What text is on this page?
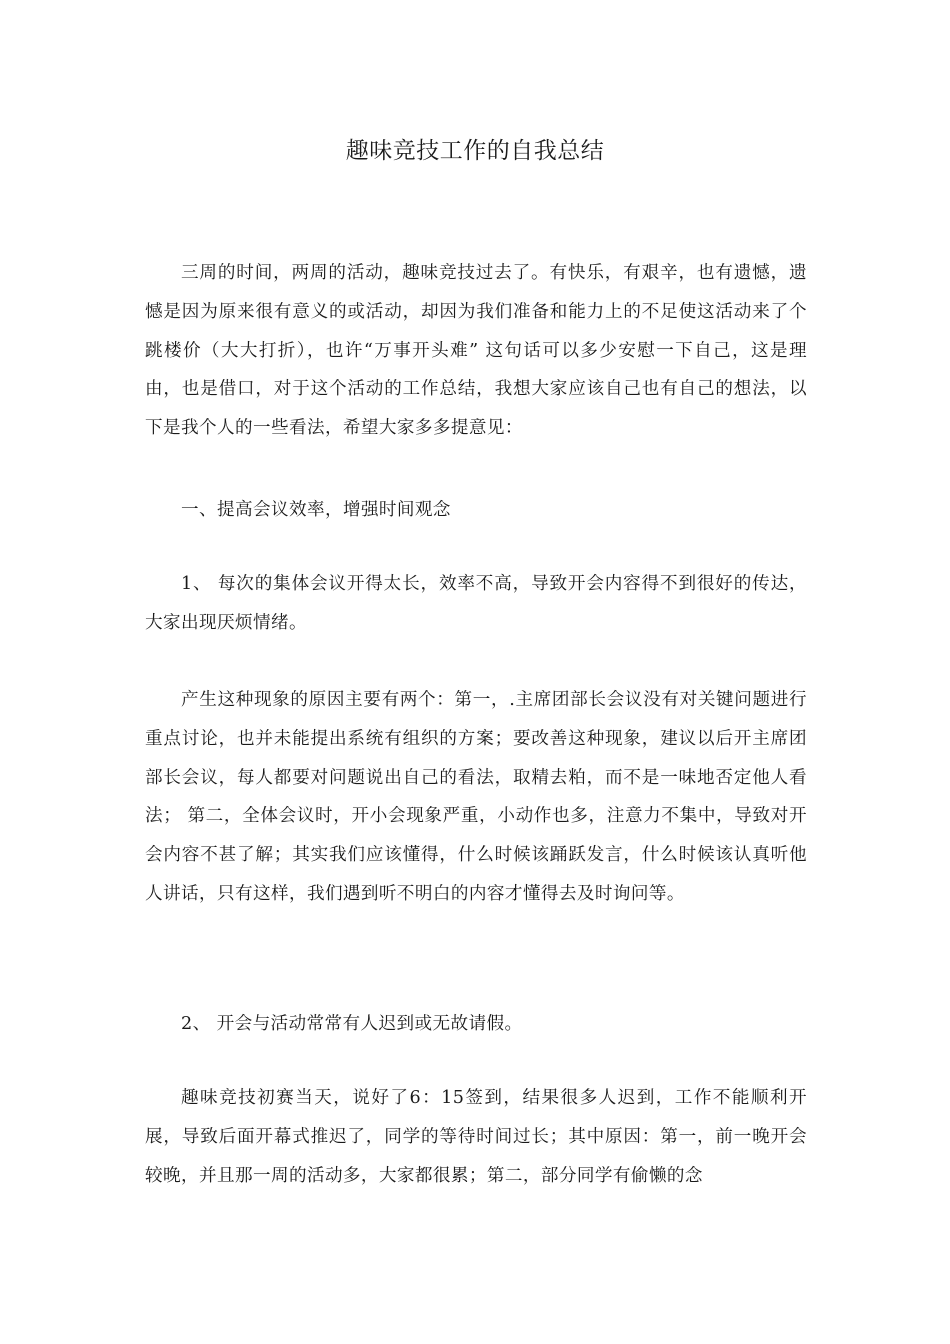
趣味竞技工作的自我总结

三周的时间，两周的活动，趣味竞技过去了。有快乐，有艰辛，也有遗憾，遗憾是因为原来很有意义的或活动，却因为我们准备和能力上的不足使这活动来了个跳楼价（大大打折），也许“万事开头难” 这句话可以多少安慰一下自己，这是理由，也是借口，对于这个活动的工作总结，我想大家应该自己也有自己的想法，以下是我个人的一些看法，希望大家多多提意见：

一、提高会议效率，增强时间观念

1、 每次的集体会议开得太长，效率不高，导致开会内容得不到很好的传达，大家出现厌烦情绪。

产生这种现象的原因主要有两个：第一，.主席团部长会议没有对关键问题进行重点讨论，也并未能提出系统有组织的方案；要改善这种现象，建议以后开主席团部长会议，每人都要对问题说出自己的看法，取精去粕，而不是一味地否定他人看法； 第二，全体会议时，开小会现象严重，小动作也多，注意力不集中，导致对开会内容不甚了解；其实我们应该懂得，什么时候该踊跃发言，什么时候该认真听他人讲话，只有这样，我们遇到听不明白的内容才懂得去及时询问等。

2、 开会与活动常常有人迟到或无故请假。

趣味竞技初赛当天，说好了6：15签到，结果很多人迟到，工作不能顺利开展，导致后面开幕式推迟了，同学的等待时间过长；其中原因：第一，前一晚开会较晚，并且那一周的活动多，大家都很累；第二，部分同学有偷懒的念
